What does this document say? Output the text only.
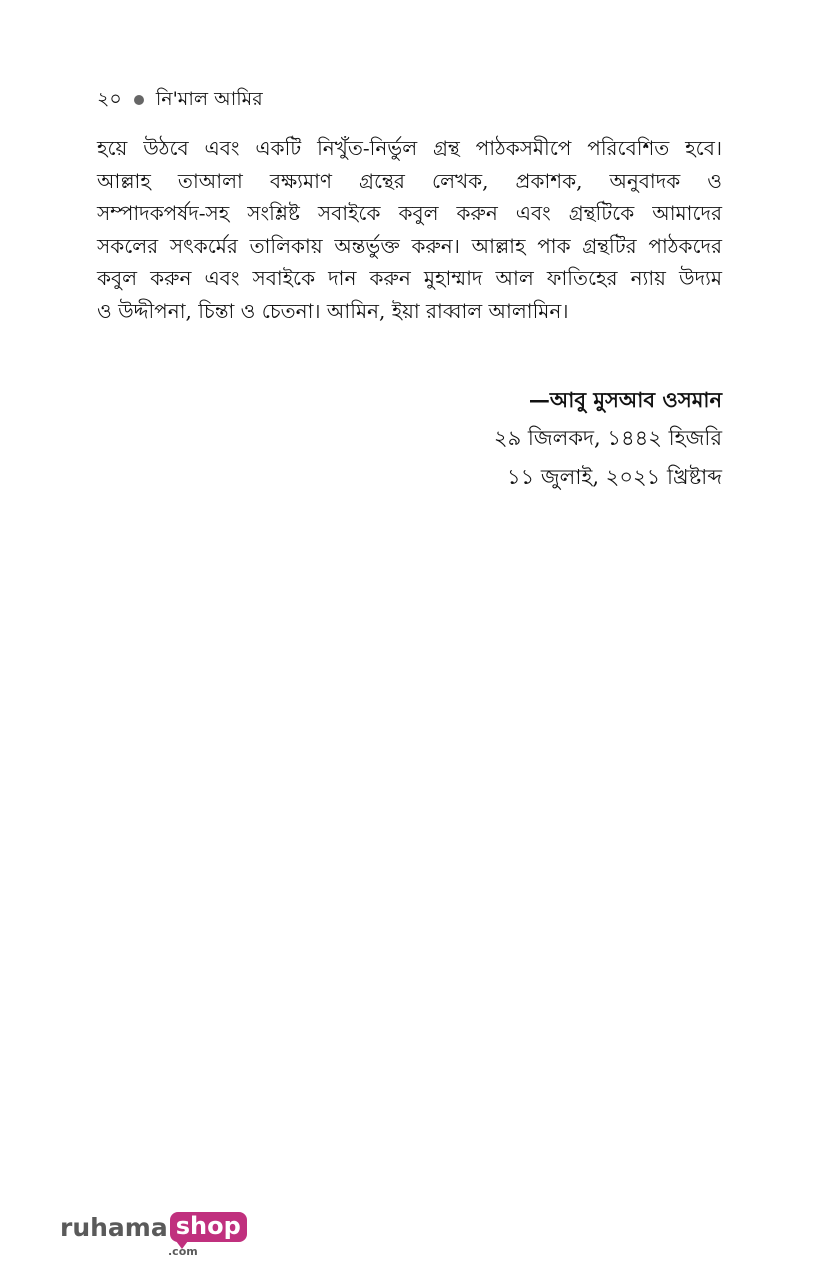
২০ নি'মাল আমির
হয়ে উঠবে এবং একটি নিখুঁত-নির্ভুল গ্রন্থ পাঠকসমীপে পরিবেশিত হবে।
আল্লাহ তাআলা বক্ষ্যমাণ গ্রন্থের লেখক, প্রকাশক, অনুবাদক ও
সম্পাদকপর্ষদ-সহ সংশ্লিষ্ট সবাইকে কবুল করুন এবং গ্রন্থটিকে আমাদের
সকলের সৎকর্মের তালিকায় অন্তর্ভুক্ত করুন। আল্লাহ পাক গ্রন্থটির পাঠকদের
কবুল করুন এবং সবাইকে দান করুন মুহাম্মাদ আল ফাতিহের ন্যায় উদ্যম
ও উদ্দীপনা, চিন্তা ও চেতনা। আমিন, ইয়া রাব্বাল আলামিন।
—আবু মুসআব ওসমান
২৯ জিলকদ, ১৪৪২ হিজরি
১১ জুলাই, ২০২১ খ্রিষ্টাব্দ
ruhama shop
.com
